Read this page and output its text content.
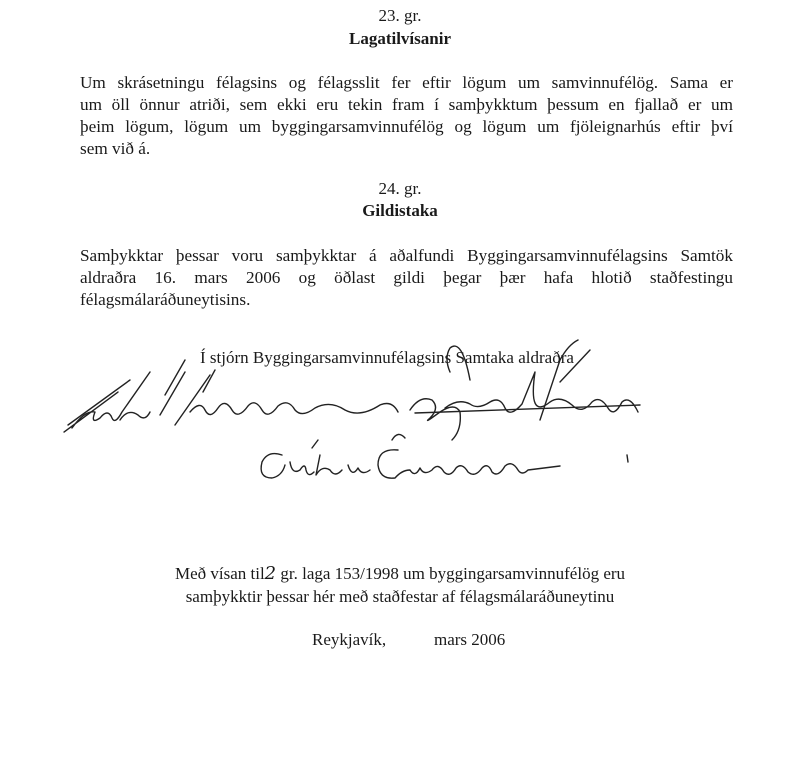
23. gr.
Lagatilvísanir
Um skrásetningu félagsins og félagsslit fer eftir lögum um samvinnufélög. Sama er
um öll önnur atriði, sem ekki eru tekin fram í samþykktum þessum en fjallað er um
þeim lögum, lögum um byggingarsamvinnufélög og lögum um fjöleignarhús eftir því
sem við á.
24. gr.
Gildistaka
Samþykktar þessar voru samþykktar á aðalfundi Byggingarsamvinnufélagsins Samtök
aldraðra 16. mars 2006 og öðlast gildi þegar þær hafa hlotið staðfestingu
félagsmálaráðuneytisins.
Í stjórn Byggingarsamvinnufélagsins Samtaka aldraðra
Með vísan til2 gr. laga 153/1998 um byggingarsamvinnufélög eru
samþykktir þessar hér með staðfestar af félagsmálaráðuneytinu
Reykjavík,	mars 2006
